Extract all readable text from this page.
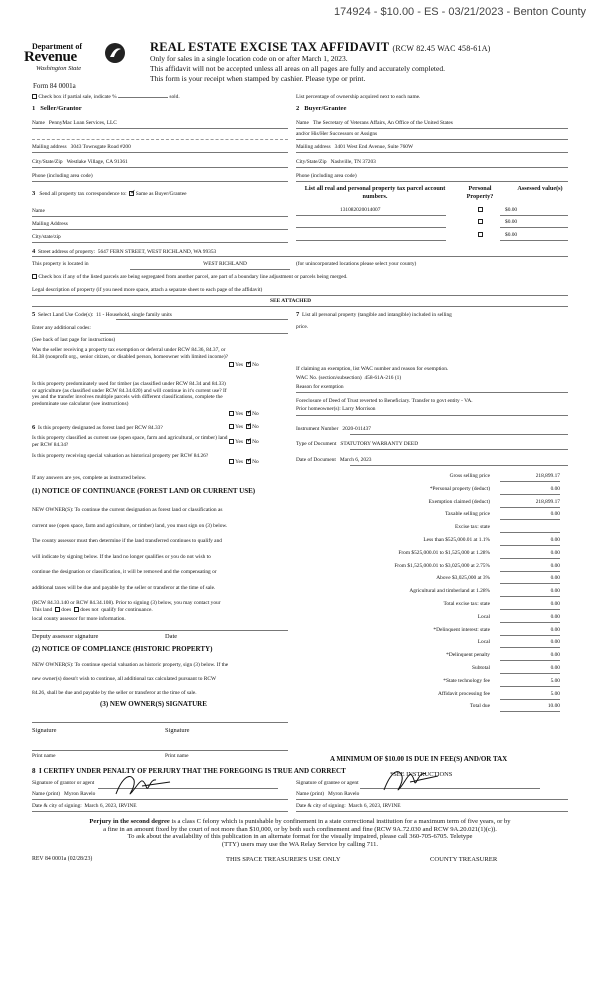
174924 - $10.00 - ES - 03/21/2023 - Benton County
Department of
Revenue
Washington State
Form 84 0001a
REAL ESTATE EXCISE TAX AFFIDAVIT (RCW 82.45 WAC 458-61A)
Only for sales in a single location code on or after March 1, 2023.
This affidavit will not be accepted unless all areas on all pages are fully and accurately completed.
This form is your receipt when stamped by cashier. Please type or print.
Check box if partial sale, indicate %	sold.	List percentage of ownership acquired next to each name.
1 Seller/Grantor
Name PennyMac Loan Services, LLC
Mailing address 3043 Townsgate Road #200
City/State/Zip Westlake Village, CA 91361
Phone (including area code)
2 Buyer/Grantee
Name The Secretary of Veterans Affairs, An Office of the United States
and/or His/Her Successors or Assigns
Mailing address 3401 West End Avenue, Suite 760W
City/State/Zip Nashville, TN 37203
Phone (including area code)
3 Send all property tax correspondence to: ✓ Same as Buyer/Grantee
Name
Mailing Address
City/state/zip
List all real and personal property tax parcel account numbers.
Personal Property?
Assessed value(s)
131082020014007	$0.00
$0.00
$0.00
4 Street address of property: 5647 FERN STREET, WEST RICHLAND, WA 99353
This property is located in	WEST RICHLAND	(for unincorporated locations please select your county)
Check box if any of the listed parcels are being segregated from another parcel, are part of a boundary line adjustment or parcels being merged.
Legal description of property (if you need more space, attach a separate sheet to each page of the affidavit)
SEE ATTACHED
5 Select Land Use Code(s): 11 - Household, single family units
Enter any additional codes:
(See back of last page for instructions)
7 List all personal property (tangible and intangible) included in selling
price.
Was the seller receiving a property tax exemption or deferral under RCW 84.36, 84.37, or 84.38 (nonprofit org., senior citizen, or disabled person, homeowner with limited income)?
Yes ✓ No
Is this property predominately used for timber (as classified under RCW 84.34 and 84.33) or agriculture (as classified under RCW 84.34.020) and will continue in it's current use? If yes and the transfer involves multiple parcels with different classifications, complete the predominate use calculator (see instructions)
Yes ✓ No
6 Is this property designated as forest land per RCW 84.33?	Yes ✓ No
Is this property classified as current use (open space, farm and agricultural, or timber) land per RCW 84.34?	Yes ✓ No
Is this property receiving special valuation as historical property per RCW 84.26?
Yes ✓ No
If any answers are yes, complete as instructed below.
(1) NOTICE OF CONTINUANCE (FOREST LAND OR CURRENT USE)
NEW OWNER(S): To continue the current designation as forest land or classification as
current use (open space, farm and agriculture, or timber) land, you must sign on (3) below.
The county assessor must then determine if the land transferred continues to qualify and
will indicate by signing below. If the land no longer qualifies or you do not wish to
continue the designation or classification, it will be removed and the compensating or
additional taxes will be due and payable by the seller or transferor at the time of sale.
(RCW 84.33.140 or RCW 84.34.108). Prior to signing (3) below, you may contact your
local county assessor for more information.
This land does does not qualify for continuance.
Deputy assessor signature	Date
(2) NOTICE OF COMPLIANCE (HISTORIC PROPERTY)
NEW OWNER(S): To continue special valuation as historic property, sign (3) below. If the
new owner(s) doesn't wish to continue, all additional tax calculated pursuant to RCW
84.26, shall be due and payable by the seller or transferor at the time of sale.
(3) NEW OWNER(S) SIGNATURE
Signature	Signature
Print name	Print name
If claiming an exemption, list WAC number and reason for exemption.
WAC No. (section/subsection) 458-61A-216 (1)
Reason for exemption
Foreclosure of Deed of Trust reverted to Beneficiary. Transfer to govt entity - VA.
Prior homeowner(s): Larry Morrison
Instrument Number 2020-011437
Type of Document STATUTORY WARRANTY DEED
Date of Document March 6, 2023
Gross selling price	218,899.17
*Personal property (deduct)	0.00
Exemption claimed (deduct)	218,899.17
Taxable selling price	0.00
Excise tax: state
Less than $525,000.01 at 1.1%	0.00
From $525,000.01 to $1,525,000 at 1.28%	0.00
From $1,525,000.01 to $3,025,000 at 2.75%	0.00
Above $3,025,000 at 3%	0.00
Agricultural and timberland at 1.28%	0.00
Total excise tax: state	0.00
Local	0.00
*Delinquent interest: state	0.00
Local	0.00
*Delinquent penalty	0.00
Subtotal	0.00
*State technology fee	5.00
Affidavit processing fee	5.00
Total due	10.00
A MINIMUM OF $10.00 IS DUE IN FEE(S) AND/OR TAX
*SEE INSTRUCTIONS
8 I CERTIFY UNDER PENALTY OF PERJURY THAT THE FOREGOING IS TRUE AND CORRECT
Signature of grantor or agent	Signature of grantee or agent
Name (print) Myron Ravelo	Name (print) Myron Ravelo
Date & city of signing: March 6, 2023, IRVINE	Date & city of signing: March 6, 2023, IRVINE
Perjury in the second degree is a class C felony which is punishable by confinement in a state correctional institution for a maximum term of five years, or by
a fine in an amount fixed by the court of not more than $10,000, or by both such confinement and fine (RCW 9A.72.030 and RCW 9A.20.021(1)(c)).
To ask about the availability of this publication in an alternate format for the visually impaired, please call 360-705-6705. Teletype
(TTY) users may use the WA Relay Service by calling 711.
REV 84 0001a (02/28/23)	THIS SPACE TREASURER'S USE ONLY	COUNTY TREASURER
